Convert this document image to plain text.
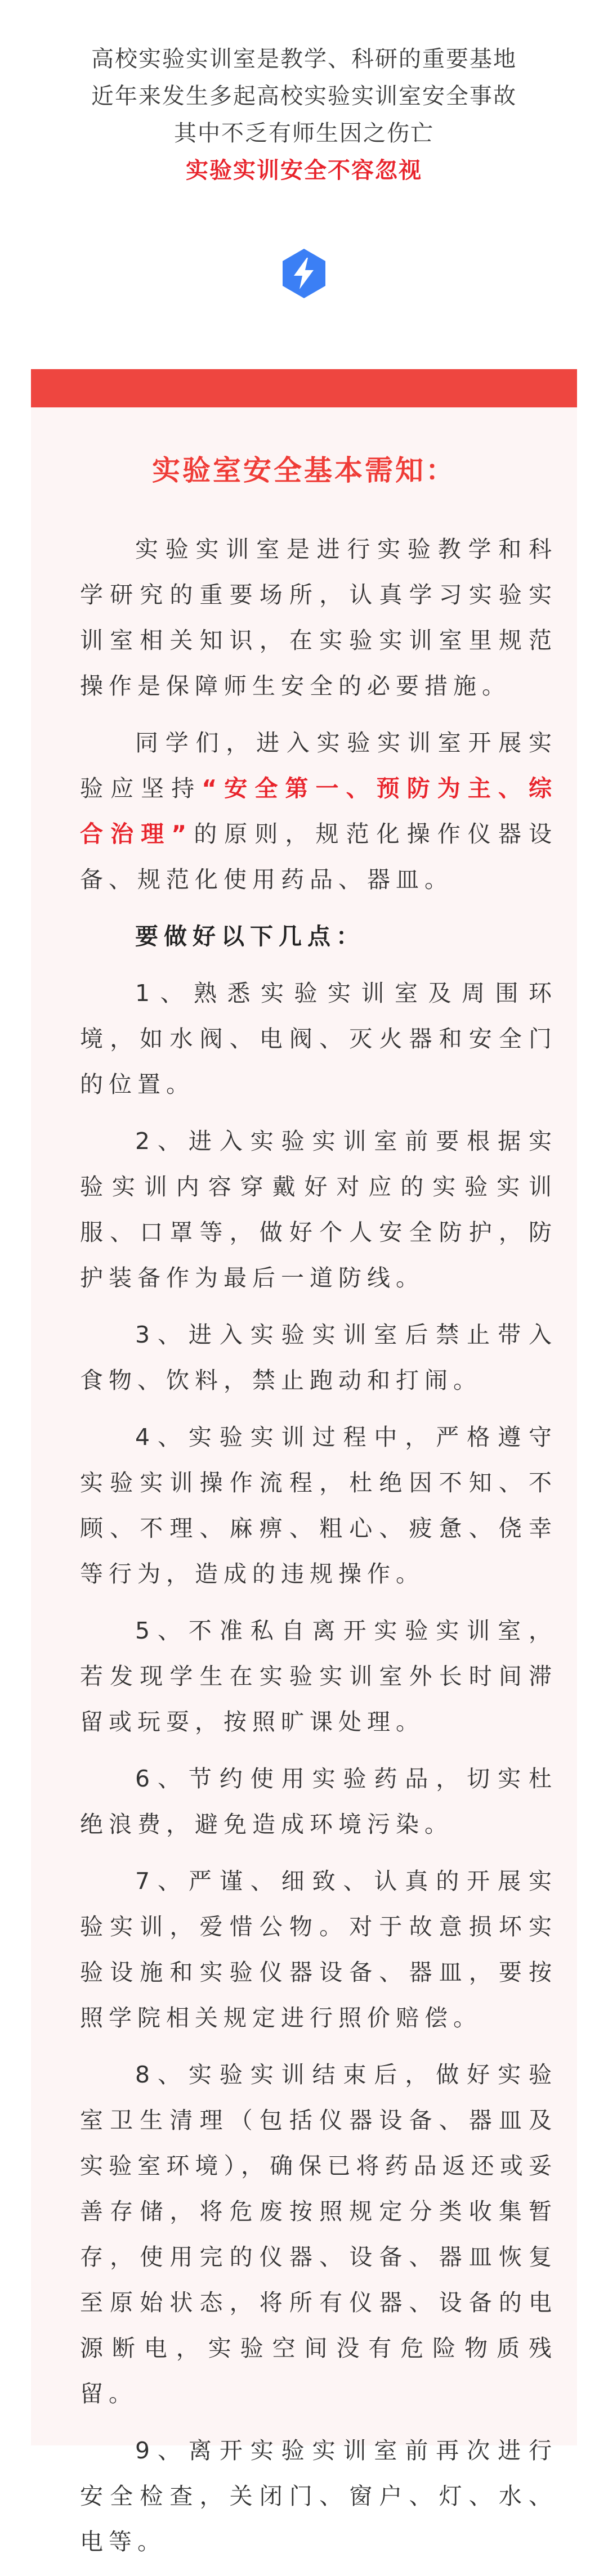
高校实验实训室是教学、科研的重要基地
近年来发生多起高校实验实训室安全事故
其中不乏有师生因之伤亡
实验实训安全不容忽视
实验室安全基本需知：

实验实训室是进行实验教学和科学研究的重要场所，认真学习实验实训室相关知识，在实验实训室里规范操作是保障师生安全的必要措施。

同学们，进入实验实训室开展实验应坚持“安全第一、预防为主、综合治理”的原则，规范化操作仪器设备、规范化使用药品、器皿。

要做好以下几点：

1、熟悉实验实训室及周围环境，如水阀、电阀、灭火器和安全门的位置。

2、进入实验实训室前要根据实验实训内容穿戴好对应的实验实训服、口罩等，做好个人安全防护，防护装备作为最后一道防线。

3、进入实验实训室后禁止带入食物、饮料，禁止跑动和打闹。

4、实验实训过程中，严格遵守实验实训操作流程，杜绝因不知、不顾、不理、麻痹、粗心、疲惫、侥幸等行为，造成的违规操作。

5、不准私自离开实验实训室，若发现学生在实验实训室外长时间滞留或玩耍，按照旷课处理。

6、节约使用实验药品，切实杜绝浪费，避免造成环境污染。

7、严谨、细致、认真的开展实验实训，爱惜公物。对于故意损坏实验设施和实验仪器设备、器皿，要按照学院相关规定进行照价赔偿。

8、实验实训结束后，做好实验室卫生清理（包括仪器设备、器皿及实验室环境），确保已将药品返还或妥善存储，将危废按照规定分类收集暂存，使用完的仪器、设备、器皿恢复至原始状态，将所有仪器、设备的电源断电，实验空间没有危险物质残留。

9、离开实验实训室前再次进行安全检查，关闭门、窗户、灯、水、电等。
